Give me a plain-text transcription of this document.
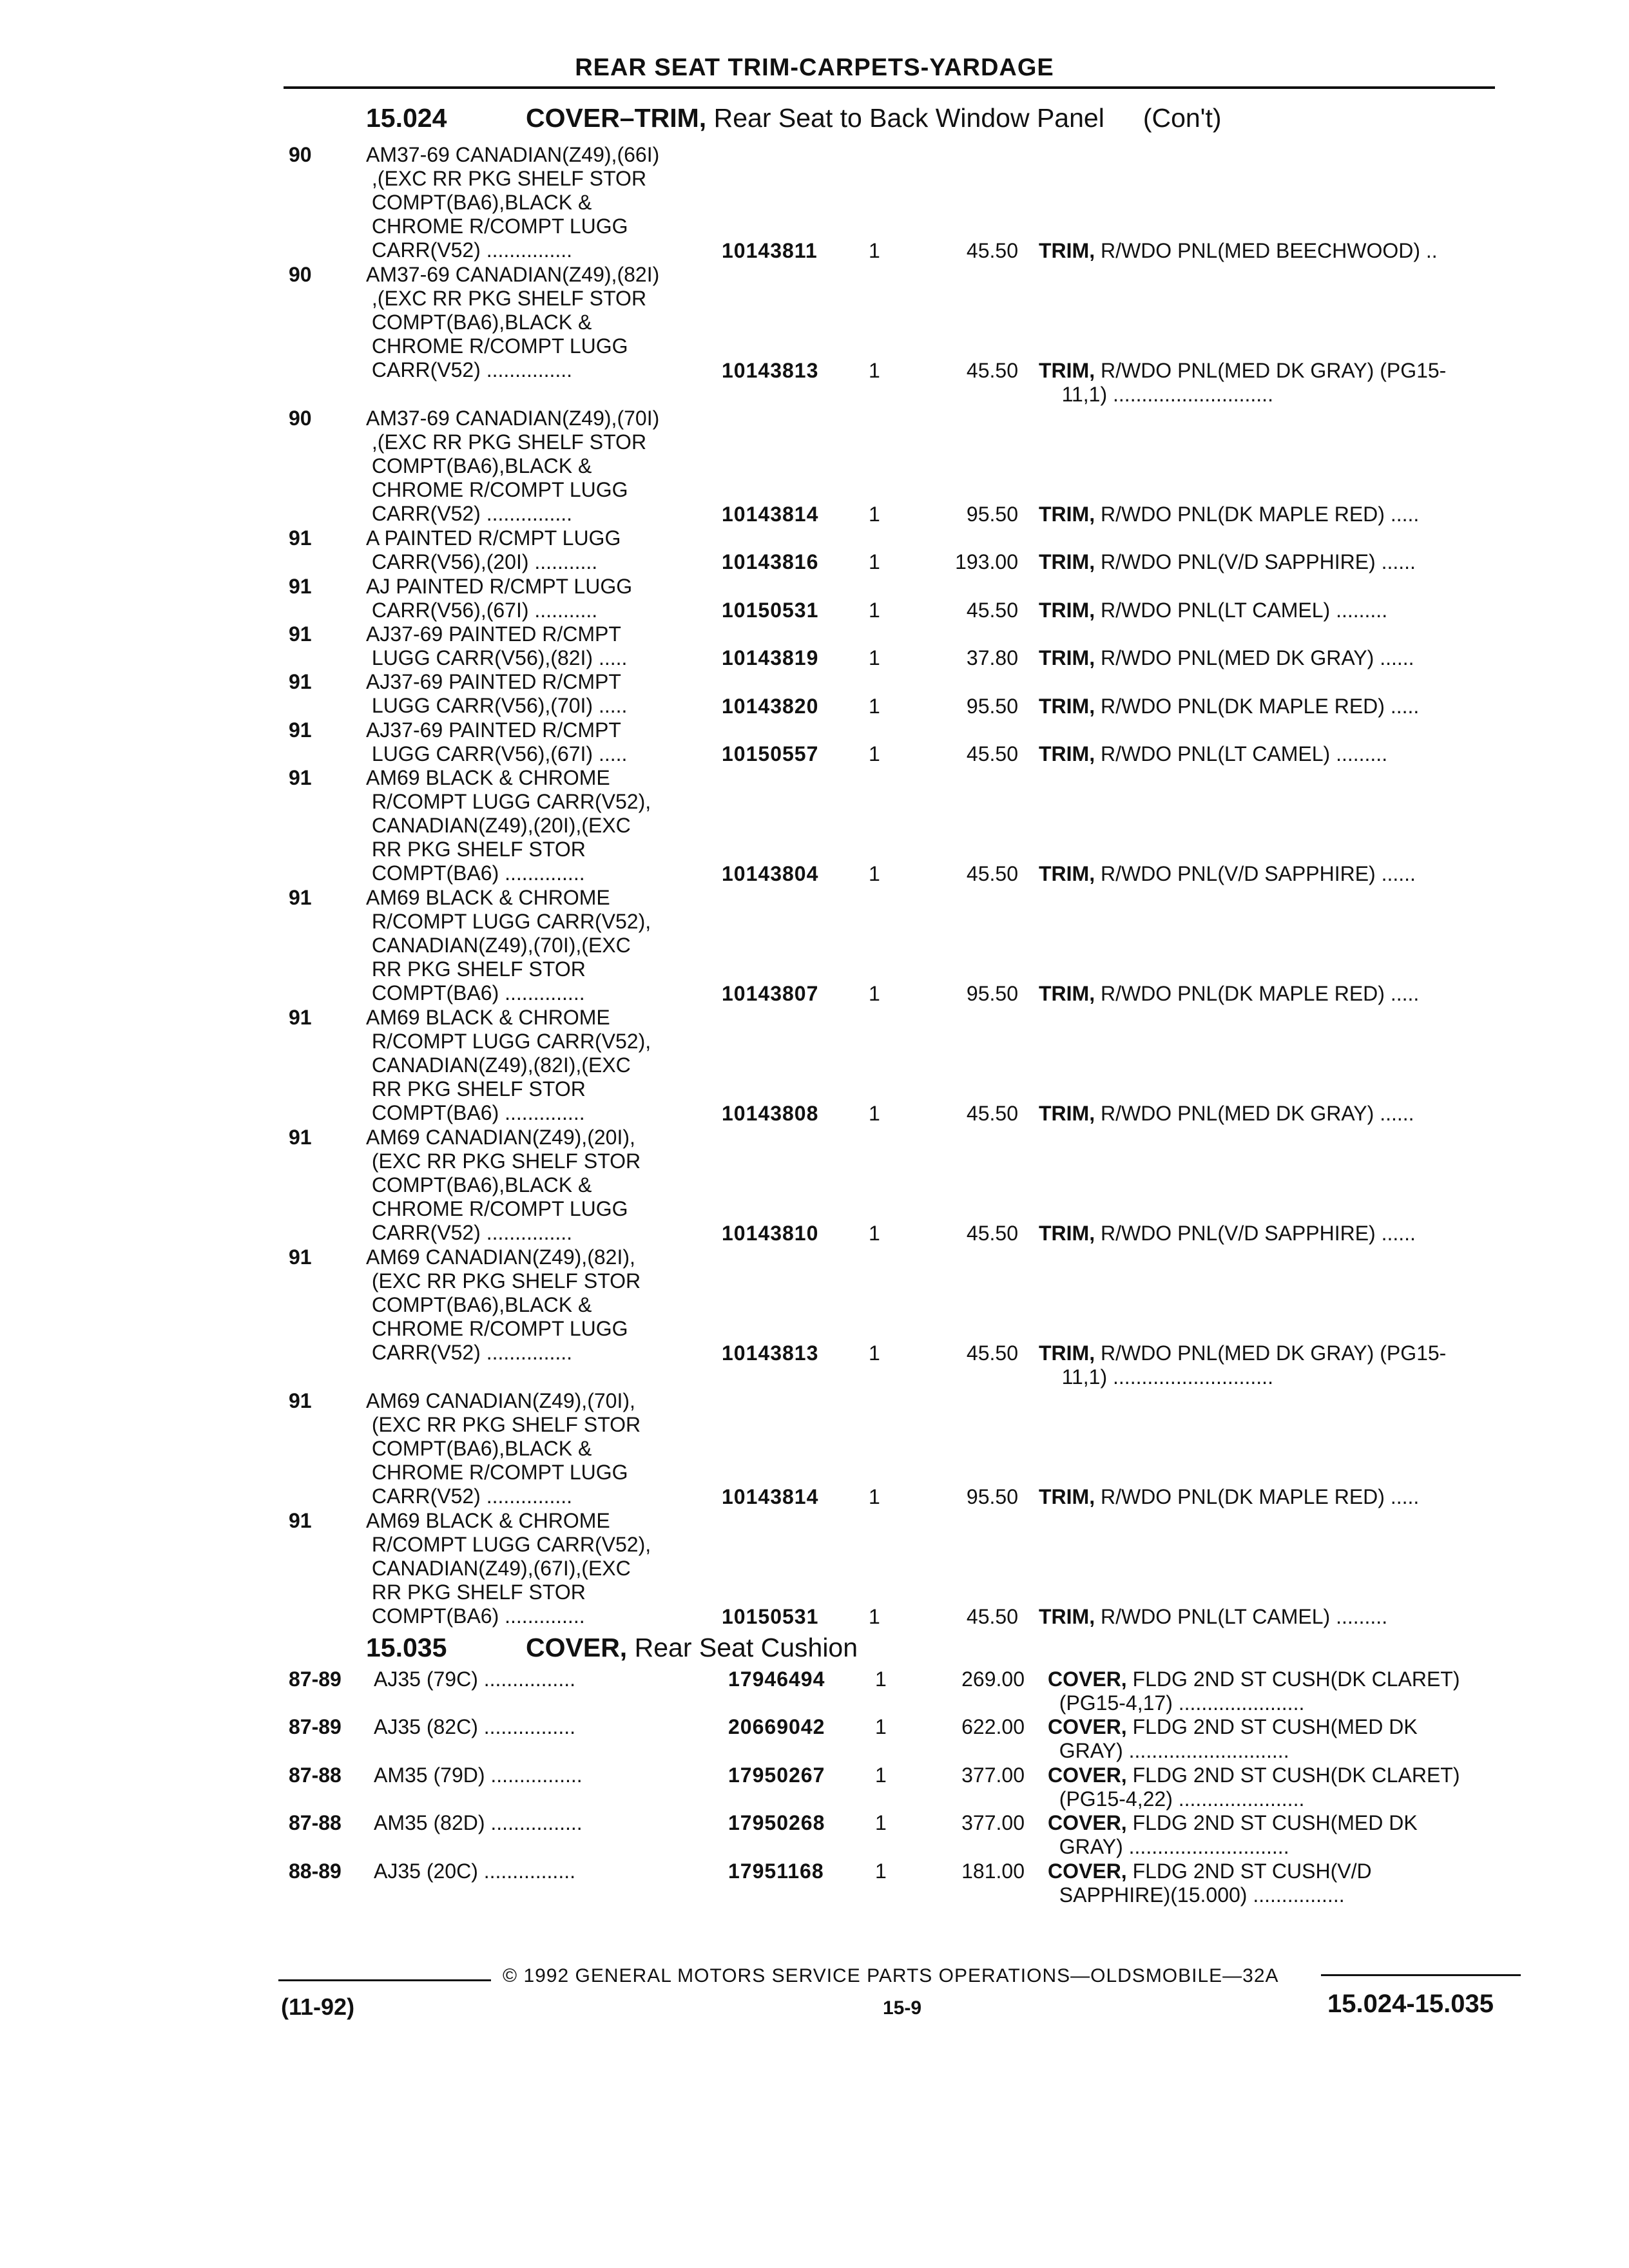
REAR SEAT TRIM-CARPETS-YARDAGE
15.024	COVER–TRIM, Rear Seat to Back Window Panel (Con't)
90	AM37-69 CANADIAN(Z49),(66I)
,(EXC RR PKG SHELF STOR
COMPT(BA6),BLACK &
CHROME R/COMPT LUGG
CARR(V52) ...............	10143811 1	45.50 TRIM, R/WDO PNL(MED BEECHWOOD) ..
90	AM37-69 CANADIAN(Z49),(82I)
,(EXC RR PKG SHELF STOR
COMPT(BA6),BLACK &
CHROME R/COMPT LUGG
CARR(V52) ...............	10143813 1	45.50 TRIM, R/WDO PNL(MED DK GRAY) (PG15-
11,1) ............................
90	AM37-69 CANADIAN(Z49),(70I)
,(EXC RR PKG SHELF STOR
COMPT(BA6),BLACK &
CHROME R/COMPT LUGG
CARR(V52) ...............	10143814 1	95.50 TRIM, R/WDO PNL(DK MAPLE RED) .....
91	A PAINTED R/CMPT LUGG
CARR(V56),(20I) ...........	10143816 1	193.00 TRIM, R/WDO PNL(V/D SAPPHIRE) ......
91	AJ PAINTED R/CMPT LUGG
CARR(V56),(67I) ...........	10150531 1	45.50 TRIM, R/WDO PNL(LT CAMEL) .........
91	AJ37-69 PAINTED R/CMPT
LUGG CARR(V56),(82I) .....	10143819 1	37.80 TRIM, R/WDO PNL(MED DK GRAY) ......
91	AJ37-69 PAINTED R/CMPT
LUGG CARR(V56),(70I) .....	10143820 1	95.50 TRIM, R/WDO PNL(DK MAPLE RED) .....
91	AJ37-69 PAINTED R/CMPT
LUGG CARR(V56),(67I) .....	10150557 1	45.50 TRIM, R/WDO PNL(LT CAMEL) .........
91	AM69 BLACK & CHROME
R/COMPT LUGG CARR(V52),
CANADIAN(Z49),(20I),(EXC
RR PKG SHELF STOR
COMPT(BA6) ..............	10143804 1	45.50 TRIM, R/WDO PNL(V/D SAPPHIRE) ......
91	AM69 BLACK & CHROME
R/COMPT LUGG CARR(V52),
CANADIAN(Z49),(70I),(EXC
RR PKG SHELF STOR
COMPT(BA6) ..............	10143807 1	95.50 TRIM, R/WDO PNL(DK MAPLE RED) .....
91	AM69 BLACK & CHROME
R/COMPT LUGG CARR(V52),
CANADIAN(Z49),(82I),(EXC
RR PKG SHELF STOR
COMPT(BA6) ..............	10143808 1	45.50 TRIM, R/WDO PNL(MED DK GRAY) ......
91	AM69 CANADIAN(Z49),(20I),
(EXC RR PKG SHELF STOR
COMPT(BA6),BLACK &
CHROME R/COMPT LUGG
CARR(V52) ...............	10143810 1	45.50 TRIM, R/WDO PNL(V/D SAPPHIRE) ......
91	AM69 CANADIAN(Z49),(82I),
(EXC RR PKG SHELF STOR
COMPT(BA6),BLACK &
CHROME R/COMPT LUGG
CARR(V52) ...............	10143813 1	45.50 TRIM, R/WDO PNL(MED DK GRAY) (PG15-
11,1) ............................
91	AM69 CANADIAN(Z49),(70I),
(EXC RR PKG SHELF STOR
COMPT(BA6),BLACK &
CHROME R/COMPT LUGG
CARR(V52) ...............	10143814 1	95.50 TRIM, R/WDO PNL(DK MAPLE RED) .....
91	AM69 BLACK & CHROME
R/COMPT LUGG CARR(V52),
CANADIAN(Z49),(67I),(EXC
RR PKG SHELF STOR
COMPT(BA6) ..............	10150531 1	45.50 TRIM, R/WDO PNL(LT CAMEL) .........
15.035	COVER, Rear Seat Cushion
87-89 AJ35 (79C) ................	17946494 1	269.00 COVER, FLDG 2ND ST CUSH(DK CLARET)
(PG15-4,17) ......................
87-89 AJ35 (82C) ................	20669042 1	622.00 COVER, FLDG 2ND ST CUSH(MED DK
GRAY) ............................
87-88 AM35 (79D) ................	17950267 1	377.00 COVER, FLDG 2ND ST CUSH(DK CLARET)
(PG15-4,22) ......................
87-88 AM35 (82D) ................	17950268 1	377.00 COVER, FLDG 2ND ST CUSH(MED DK
GRAY) ............................
88-89 AJ35 (20C) ................	17951168 1	181.00 COVER, FLDG 2ND ST CUSH(V/D
SAPPHIRE)(15.000) ................
© 1992 GENERAL MOTORS SERVICE PARTS OPERATIONS—OLDSMOBILE—32A
(11-92)	15-9	15.024-15.035
